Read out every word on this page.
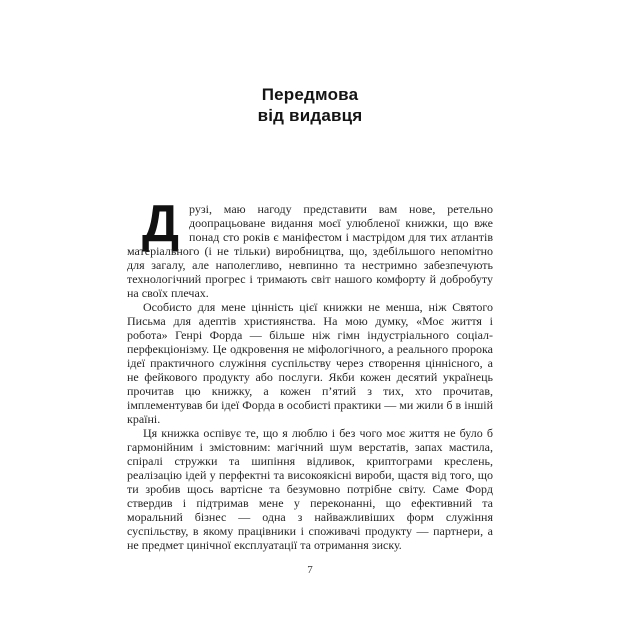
Передмова
від видавця

Друзі, маю нагоду представити вам нове, ретельно доопрацьоване видання моєї улюбленої книжки, що вже понад сто років є маніфестом і мастрідом для тих атлантів матеріального (і не тільки) виробництва, що, здебільшого непомітно для загалу, але наполегливо, невпинно та нестримно забезпечують технологічний прогрес і тримають світ нашого комфорту й добробуту на своїх плечах.

Особисто для мене цінність цієї книжки не менша, ніж Святого Письма для адептів християнства. На мою думку, «Моє життя і робота» Генрі Форда — більше ніж гімн індустріального соціал-перфекціонізму. Це одкровення не міфологічного, а реального пророка ідеї практичного служіння суспільству через створення ціннісного, а не фейкового продукту або послуги. Якби кожен десятий українець прочитав цю книжку, а кожен п’ятий з тих, хто прочитав, імплементував би ідеї Форда в особисті практики — ми жили б в іншій країні.

Ця книжка оспівує те, що я люблю і без чого моє життя не було б гармонійним і змістовним: магічний шум верстатів, запах мастила, спіралі стружки та шипіння відливок, криптограми креслень, реалізацію ідей у перфектні та високоякісні вироби, щастя від того, що ти зробив щось вартісне та безумовно потрібне світу. Саме Форд ствердив і підтримав мене у переконанні, що ефективний та моральний бізнес — одна з найважливіших форм служіння суспільству, в якому працівники і споживачі продукту — партнери, а не предмет цинічної експлуатації та отримання зиску.

7
